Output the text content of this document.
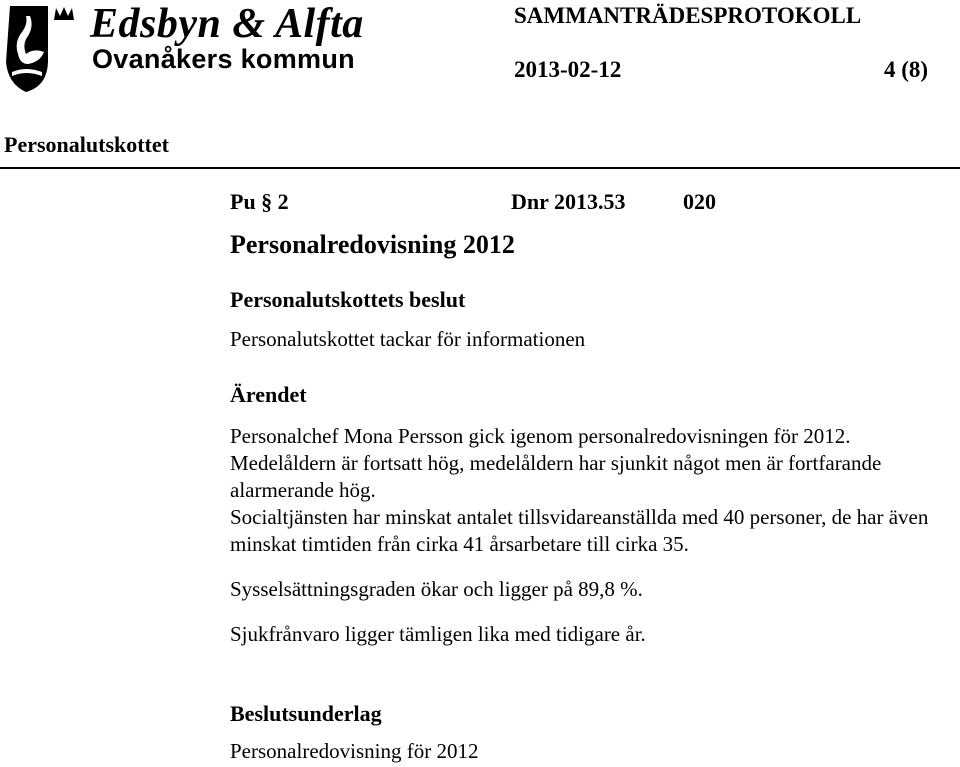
Edsbyn & Alfta
Ovanåkers kommun
SAMMANTRÄDESPROTOKOLL
2013-02-12	4 (8)
Personalutskottet
Pu § 2	Dnr 2013.53	020
Personalredovisning 2012
Personalutskottets beslut
Personalutskottet tackar för informationen
Ärendet

Personalchef Mona Persson gick igenom personalredovisningen för 2012.

Medelåldern är fortsatt hög, medelåldern har sjunkit något men är fortfarande alarmerande hög.

Socialtjänsten har minskat antalet tillsvidareanställda med 40 personer, de har även minskat timtiden från cirka 41 årsarbetare till cirka 35.

Sysselsättningsgraden ökar och ligger på 89,8 %.

Sjukfrånvaro ligger tämligen lika med tidigare år.

Beslutsunderlag
Personalredovisning för 2012
